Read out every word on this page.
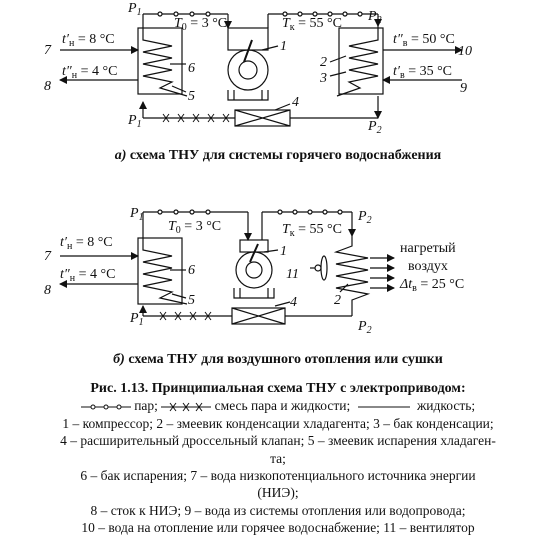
$P_1$
$P_1$
$P_2$
$P_2$
$T_0 = 3$ °C	$T_к = 55$ °C
$t'_н = 8$ °C
$t''_н = 4$ °C
$t''_в = 50$ °C
$t'_в = 35$ °C
1
2
3
4
5
6
7
8	9
10
$P_1$
$P_1$
$P_2$
$P_2$
$T_0 = 3$ °C	$T_к = 55$ °C
$t'_н = 8$ °C
$t''_н = 4$ °C
нагретый
воздух
$\Delta t_в = 25$ °C
1
2
4
5
6
7
8
11
а) схема ТНУ для системы горячего водоснабжения
б) схема ТНУ для воздушного отопления или сушки
Рис. 1.13. Принципиальная схема ТНУ с электроприводом:
пар;	смесь пара и жидкости;	жидкость;
1 – компрессор; 2 – змеевик конденсации хладагента; 3 – бак конденсации;
4 – расширительный дроссельный клапан; 5 – змеевик испарения хладаген-
та;
6 – бак испарения; 7 – вода низкопотенциального источника энергии
(НИЭ);
8 – сток к НИЭ; 9 – вода из системы отопления или водопровода;
10 – вода на отопление или горячее водоснабжение; 11 – вентилятор
